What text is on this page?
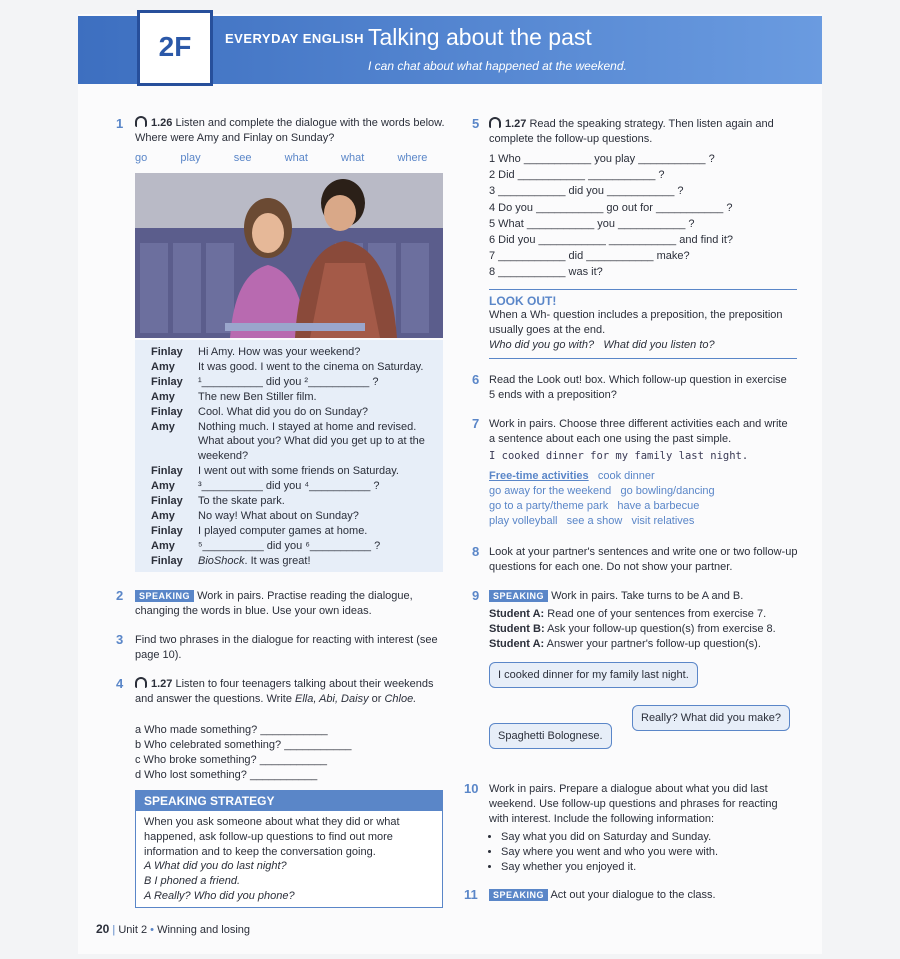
2F	EVERYDAY ENGLISH Talking about the past
I can chat about what happened at the weekend.
1	1.26 Listen and complete the dialogue with the words below. Where were Amy and Finlay on Sunday?
go   play   see   what   what   where
Finlay	Hi Amy. How was your weekend?
Amy	It was good. I went to the cinema on Saturday.
Finlay	¹__________ did you ²__________ ?
Amy	The new Ben Stiller film.
Finlay	Cool. What did you do on Sunday?
Amy	Nothing much. I stayed at home and revised. What about you? What did you get up to at the weekend?
Finlay	I went out with some friends on Saturday.
Amy	³__________ did you ⁴__________ ?
Finlay	To the skate park.
Amy	No way! What about on Sunday?
Finlay	I played computer games at home.
Amy	⁵__________ did you ⁶__________ ?
Finlay	BioShock. It was great!
2	SPEAKING Work in pairs. Practise reading the dialogue, changing the words in blue. Use your own ideas.
3 Find two phrases in the dialogue for reacting with interest (see page 10).
4	1.27 Listen to four teenagers talking about their weekends and answer the questions. Write Ella, Abi, Daisy or Chloe.
a Who made something? ___________
b Who celebrated something? ___________
c Who broke something? ___________
d Who lost something? ___________
SPEAKING STRATEGY
When you ask someone about what they did or what happened, ask follow-up questions to find out more information and to keep the conversation going.
A What did you do last night?
B I phoned a friend.
A Really? Who did you phone?
5	1.27 Read the speaking strategy. Then listen again and complete the follow-up questions.
1 Who ___________ you play ___________ ?
2 Did ___________ ___________ ?
3 ___________ did you ___________ ?
4 Do you ___________ go out for ___________ ?
5 What ___________ you ___________ ?
6 Did you ___________ ___________ and find it?
7 ___________ did ___________ make?
8 ___________ was it?
LOOK OUT!
When a Wh- question includes a preposition, the preposition usually goes at the end.
Who did you go with?   What did you listen to?
6 Read the Look out! box. Which follow-up question in exercise 5 ends with a preposition?
7 Work in pairs. Choose three different activities each and write a sentence about each one using the past simple.
I cooked dinner for my family last night.
Free-time activities cook dinner
go away for the weekend   go bowling/dancing
go to a party/theme park   have a barbecue
play volleyball   see a show   visit relatives
8 Look at your partner's sentences and write one or two follow-up questions for each one. Do not show your partner.
9	SPEAKING Work in pairs. Take turns to be A and B.
Student A: Read one of your sentences from exercise 7.
Student B: Ask your follow-up question(s) from exercise 8.
Student A: Answer your partner's follow-up question(s).
I cooked dinner for my family last night.
Really? What did you make?
Spaghetti Bolognese.
10 Work in pairs. Prepare a dialogue about what you did last weekend. Use follow-up questions and phrases for reacting with interest. Include the following information:
• Say what you did on Saturday and Sunday.
• Say where you went and who you were with.
• Say whether you enjoyed it.
11	SPEAKING Act out your dialogue to the class.
20 | Unit 2 • Winning and losing
